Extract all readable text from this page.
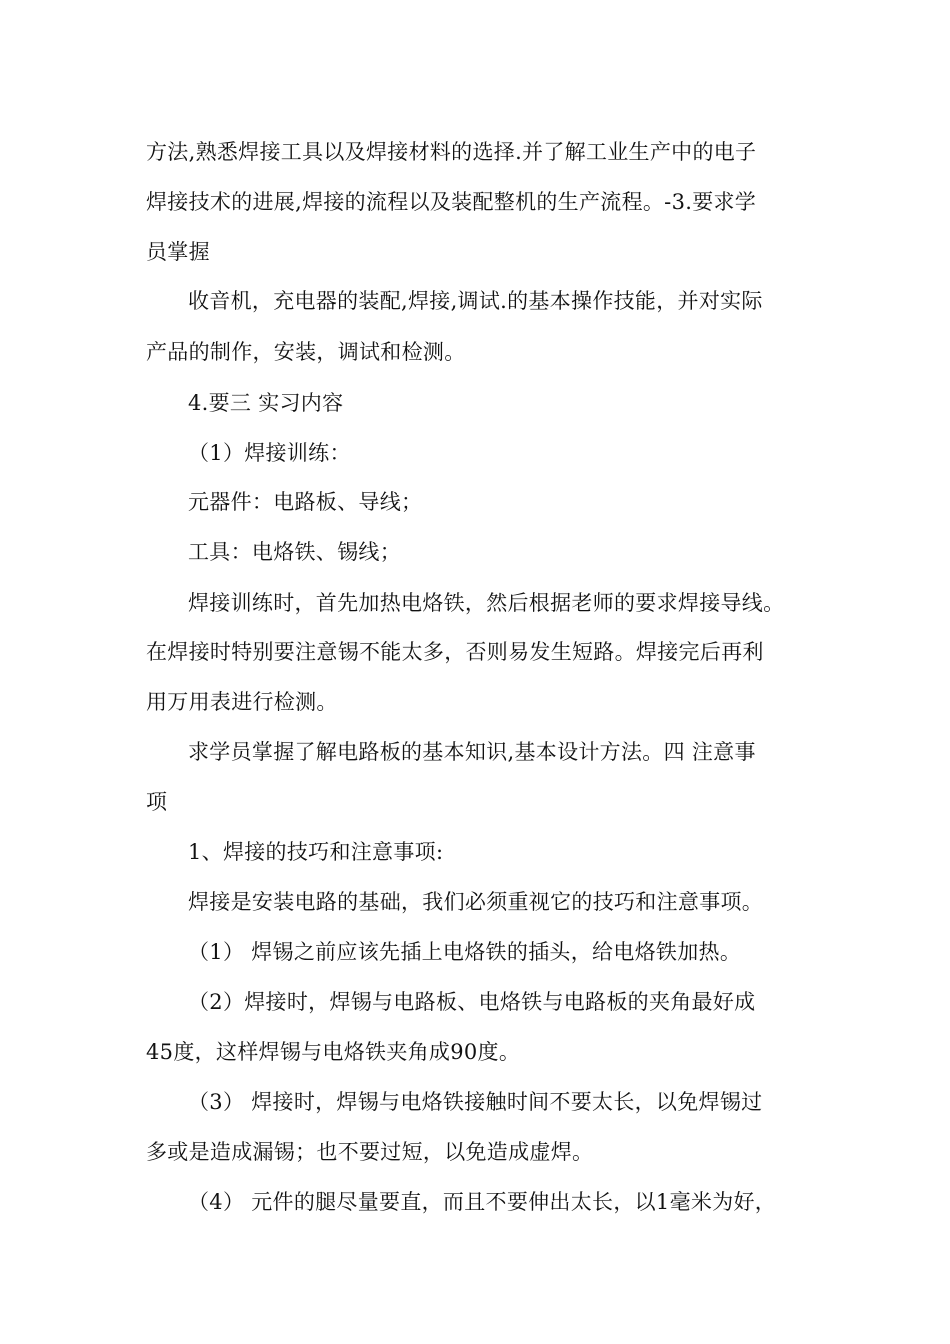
方法,熟悉焊接工具以及焊接材料的选择.并了解工业生产中的电子
焊接技术的进展,焊接的流程以及装配整机的生产流程。-3.要求学
员掌握
收音机，充电器的装配,焊接,调试.的基本操作技能，并对实际
产品的制作，安装，调试和检测。
4.要三 实习内容
（1）焊接训练：
元器件：电路板、导线；
工具：电烙铁、锡线；
焊接训练时，首先加热电烙铁，然后根据老师的要求焊接导线。
在焊接时特别要注意锡不能太多，否则易发生短路。焊接完后再利
用万用表进行检测。
求学员掌握了解电路板的基本知识,基本设计方法。四 注意事
项
1、焊接的技巧和注意事项:
焊接是安装电路的基础，我们必须重视它的技巧和注意事项。
（1） 焊锡之前应该先插上电烙铁的插头，给电烙铁加热。
（2）焊接时，焊锡与电路板、电烙铁与电路板的夹角最好成
45度，这样焊锡与电烙铁夹角成90度。
（3） 焊接时，焊锡与电烙铁接触时间不要太长，以免焊锡过
多或是造成漏锡；也不要过短，以免造成虚焊。
（4） 元件的腿尽量要直，而且不要伸出太长，以1毫米为好，
